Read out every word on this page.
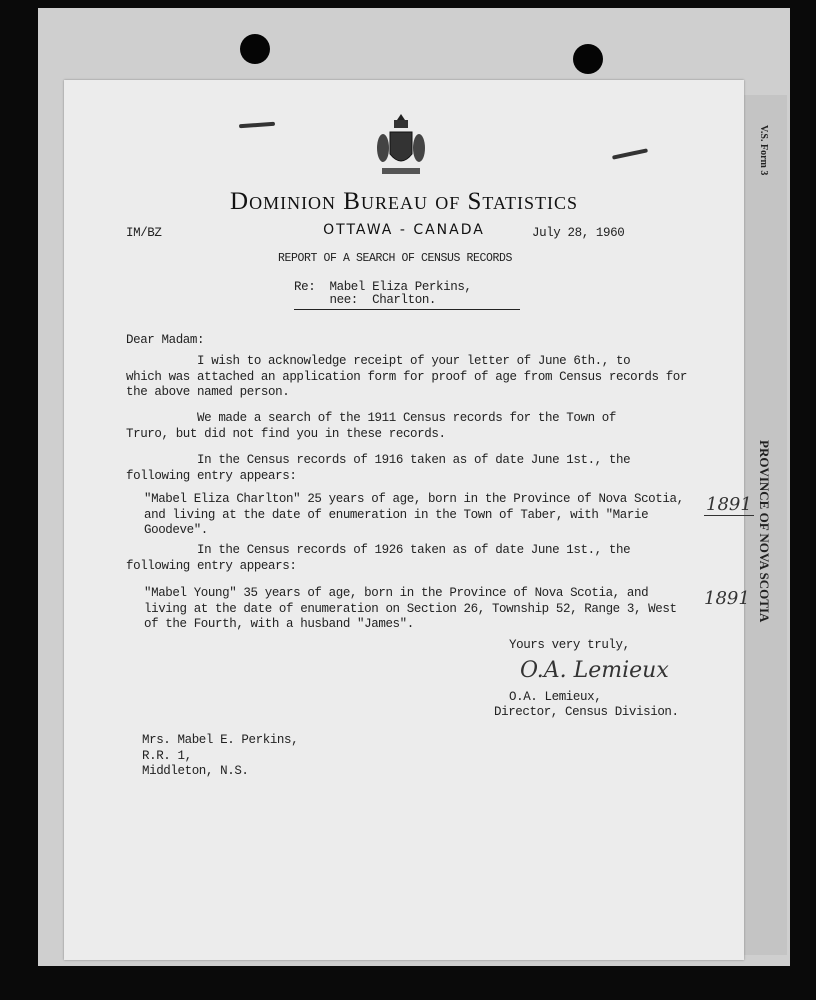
V.S. Form 3
PROVINCE OF NOVA SCOTIA
Dominion Bureau of Statistics
OTTAWA - CANADA
IM/BZ	July 28, 1960
REPORT OF A SEARCH OF CENSUS RECORDS
Re:  Mabel Eliza Perkins,
nee:  Charlton.
Dear Madam:
I wish to acknowledge receipt of your letter of June 6th., to
which was attached an application form for proof of age from Census records for
the above named person.
We made a search of the 1911 Census records for the Town of
Truro, but did not find you in these records.
In the Census records of 1916 taken as of date June 1st., the
following entry appears:
"Mabel Eliza Charlton" 25 years of age, born in the Province of Nova Scotia,
and living at the date of enumeration in the Town of Taber, with "Marie
Goodeve".
In the Census records of 1926 taken as of date June 1st., the
following entry appears:
"Mabel Young" 35 years of age, born in the Province of Nova Scotia, and
living at the date of enumeration on Section 26, Township 52, Range 3, West
of the Fourth, with a husband "James".
1891
1891
Yours very truly,
O.A. Lemieux
O.A. Lemieux,
Director, Census Division.
Mrs. Mabel E. Perkins,
R.R. 1,
Middleton, N.S.
